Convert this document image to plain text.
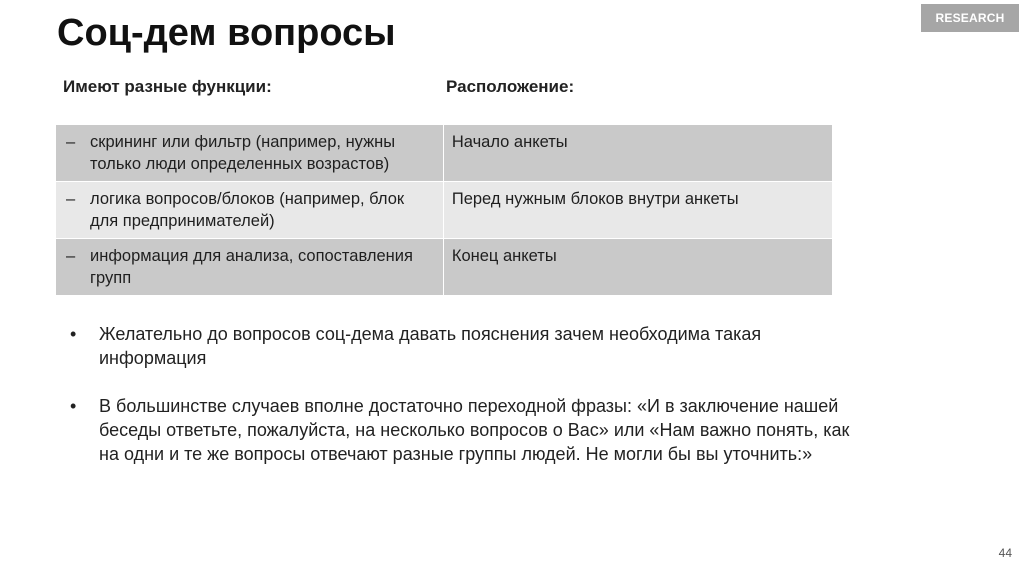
RESEARCH
Соц-дем вопросы
Имеют разные функции:	Расположение:
– скрининг или фильтр (например, нужны только люди определенных возрастов)	Начало анкеты

– логика вопросов/блоков (например, блок для предпринимателей)	Перед нужным блоков внутри анкеты

– информация для анализа, сопоставления групп	Конец анкеты
•	Желательно до вопросов соц-дема давать пояснения зачем необходима такая информация
•	В большинстве случаев вполне достаточно переходной фразы: «И в заключение нашей беседы ответьте, пожалуйста, на несколько вопросов о Вас» или «Нам важно понять, как на одни и те же вопросы отвечают разные группы людей. Не могли бы вы уточнить:»
44
